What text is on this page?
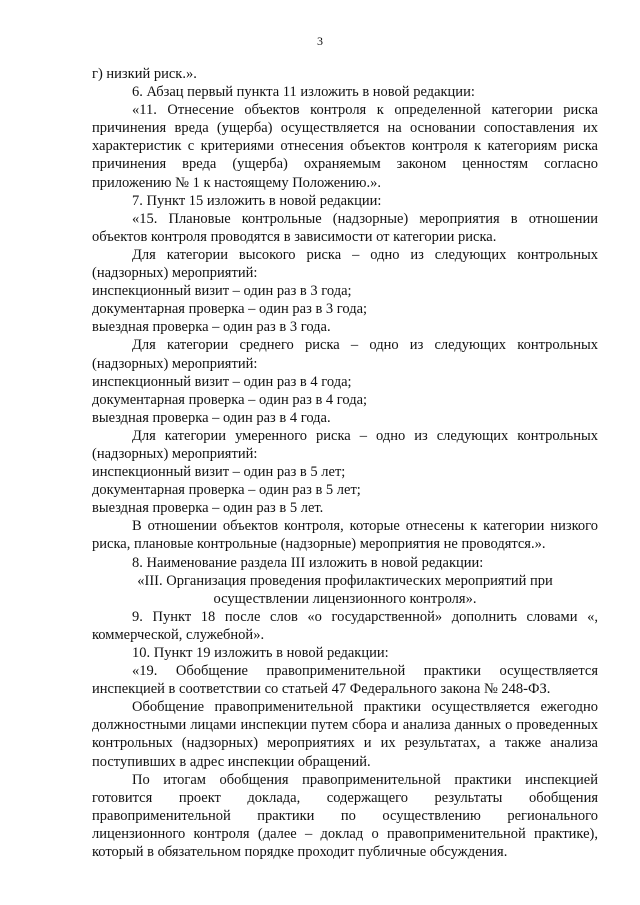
3

г) низкий риск.».

6. Абзац первый пункта 11 изложить в новой редакции:

«11. Отнесение объектов контроля к определенной категории риска причинения вреда (ущерба) осуществляется на основании сопоставления их характеристик с критериями отнесения объектов контроля к категориям риска причинения вреда (ущерба) охраняемым законом ценностям согласно приложению № 1 к настоящему Положению.».

7. Пункт 15 изложить в новой редакции:

«15. Плановые контрольные (надзорные) мероприятия в отношении объектов контроля проводятся в зависимости от категории риска.

Для категории высокого риска – одно из следующих контрольных (надзорных) мероприятий:

инспекционный визит – один раз в 3 года;

документарная проверка – один раз в 3 года;

выездная проверка – один раз в 3 года.

Для категории среднего риска – одно из следующих контрольных (надзорных) мероприятий:

инспекционный визит – один раз в 4 года;

документарная проверка – один раз в 4 года;

выездная проверка – один раз в 4 года.

Для категории умеренного риска – одно из следующих контрольных (надзорных) мероприятий:

инспекционный визит – один раз в 5 лет;

документарная проверка – один раз в 5 лет;

выездная проверка – один раз в 5 лет.

В отношении объектов контроля, которые отнесены к категории низкого риска, плановые контрольные (надзорные) мероприятия не проводятся.».

8. Наименование раздела III изложить в новой редакции:

«III. Организация проведения профилактических мероприятий при осуществлении лицензионного контроля».

9. Пункт 18 после слов «о государственной» дополнить словами «, коммерческой, служебной».

10. Пункт 19 изложить в новой редакции:

«19. Обобщение правоприменительной практики осуществляется инспекцией в соответствии со статьей 47 Федерального закона № 248-ФЗ.

Обобщение правоприменительной практики осуществляется ежегодно должностными лицами инспекции путем сбора и анализа данных о проведенных контрольных (надзорных) мероприятиях и их результатах, а также анализа поступивших в адрес инспекции обращений.

По итогам обобщения правоприменительной практики инспекцией готовится проект доклада, содержащего результаты обобщения правоприменительной практики по осуществлению регионального лицензионного контроля (далее – доклад о правоприменительной практике), который в обязательном порядке проходит публичные обсуждения.
